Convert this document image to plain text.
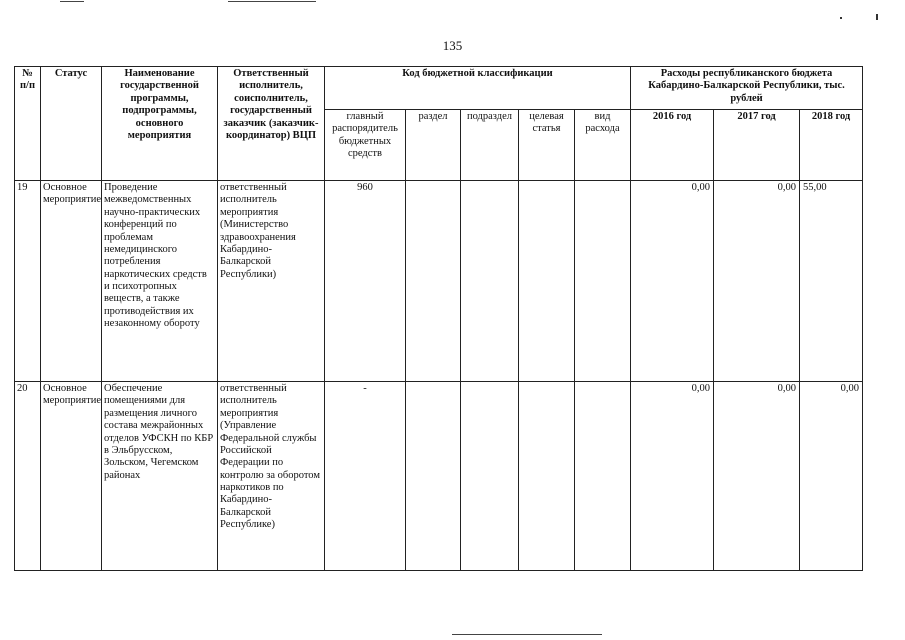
135
№ п/п	Статус	Наименование государственной программы, подпрограммы, основного мероприятия	Ответственный исполнитель, соисполнитель, государственный заказчик (заказчик-координатор) ВЦП	Код бюджетной классификации					Расходы республиканского бюджета Кабардино-Балкарской Республики, тыс. рублей		
				главный распорядитель бюджетных средств	раздел	подраздел	целевая статья	вид расхода	2016 год	2017 год	2018 год
19	Основное мероприятие	Проведение межведомственных научно-практических конференций по проблемам немедицинского потребления наркотических средств и психотропных веществ, а также противодействия их незаконному обороту	ответственный исполнитель мероприятия (Министерство здравоохранения Кабардино-Балкарской Республики)	960					0,00	0,00	55,00
20	Основное мероприятие	Обеспечение помещениями для размещения личного состава межрайонных отделов УФСКН по КБР в Эльбрусском, Зольском, Чегемском районах	ответственный исполнитель мероприятия (Управление Федеральной службы Российской Федерации по контролю за оборотом наркотиков по Кабардино-Балкарской Республике)	-					0,00	0,00	0,00
